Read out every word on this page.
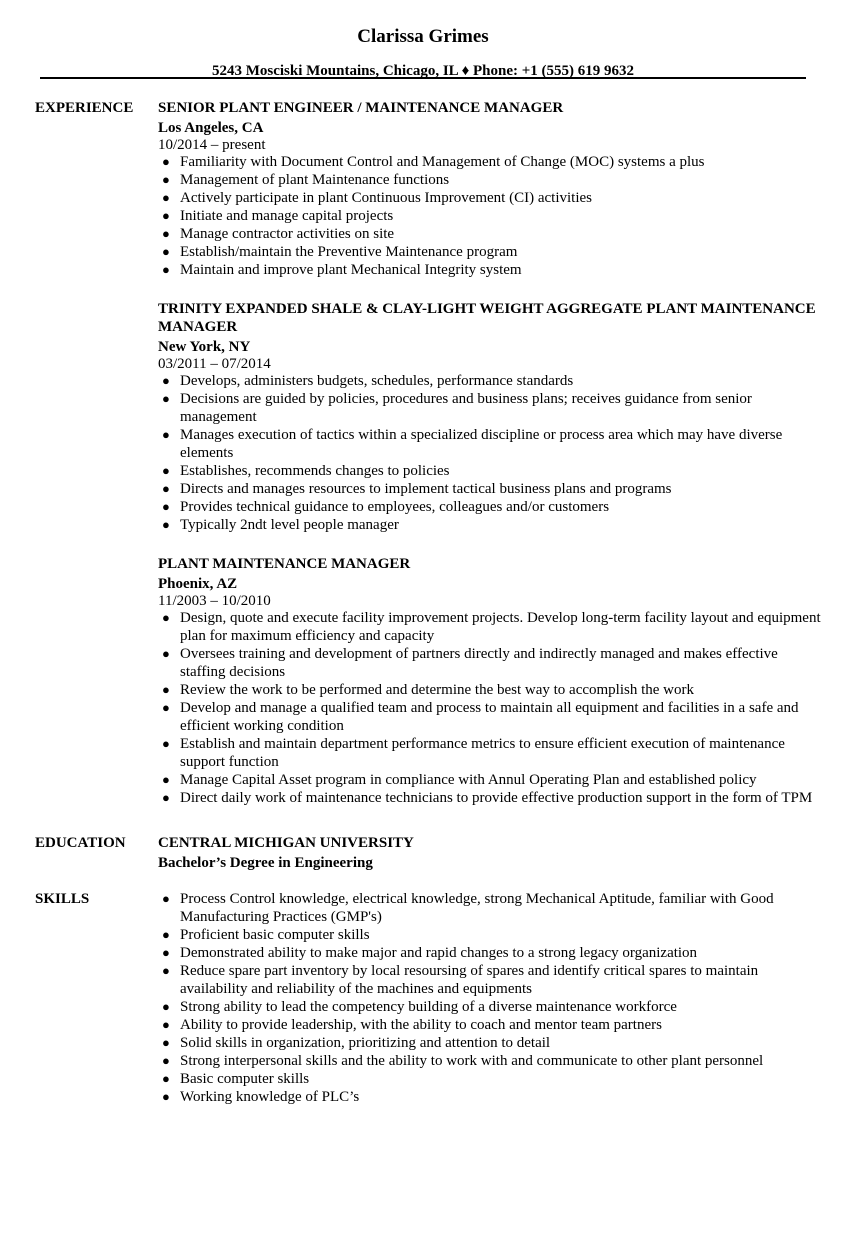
Clarissa Grimes
5243 Mosciski Mountains, Chicago, IL ♦ Phone: +1 (555) 619 9632
EXPERIENCE SENIOR PLANT ENGINEER / MAINTENANCE MANAGER
Los Angeles, CA
10/2014 – present
● Familiarity with Document Control and Management of Change (MOC) systems a plus
● Management of plant Maintenance functions
● Actively participate in plant Continuous Improvement (CI) activities
● Initiate and manage capital projects
● Manage contractor activities on site
● Establish/maintain the Preventive Maintenance program
● Maintain and improve plant Mechanical Integrity system
TRINITY EXPANDED SHALE & CLAY-LIGHT WEIGHT AGGREGATE PLANT MAINTENANCE MANAGER
New York, NY
03/2011 – 07/2014
● Develops, administers budgets, schedules, performance standards
● Decisions are guided by policies, procedures and business plans; receives guidance from senior management
● Manages execution of tactics within a specialized discipline or process area which may have diverse elements
● Establishes, recommends changes to policies
● Directs and manages resources to implement tactical business plans and programs
● Provides technical guidance to employees, colleagues and/or customers
● Typically 2ndt level people manager
PLANT MAINTENANCE MANAGER
Phoenix, AZ
11/2003 – 10/2010
● Design, quote and execute facility improvement projects. Develop long-term facility layout and equipment plan for maximum efficiency and capacity
● Oversees training and development of partners directly and indirectly managed and makes effective staffing decisions
● Review the work to be performed and determine the best way to accomplish the work
● Develop and manage a qualified team and process to maintain all equipment and facilities in a safe and efficient working condition
● Establish and maintain department performance metrics to ensure efficient execution of maintenance support function
● Manage Capital Asset program in compliance with Annul Operating Plan and established policy
● Direct daily work of maintenance technicians to provide effective production support in the form of TPM
EDUCATION CENTRAL MICHIGAN UNIVERSITY
Bachelor’s Degree in Engineering
SKILLS	● Process Control knowledge, electrical knowledge, strong Mechanical Aptitude, familiar with Good Manufacturing Practices (GMP's)
● Proficient basic computer skills
● Demonstrated ability to make major and rapid changes to a strong legacy organization
● Reduce spare part inventory by local resoursing of spares and identify critical spares to maintain availability and reliability of the machines and equipments
● Strong ability to lead the competency building of a diverse maintenance workforce
● Ability to provide leadership, with the ability to coach and mentor team partners
● Solid skills in organization, prioritizing and attention to detail
● Strong interpersonal skills and the ability to work with and communicate to other plant personnel
● Basic computer skills
● Working knowledge of PLC’s
